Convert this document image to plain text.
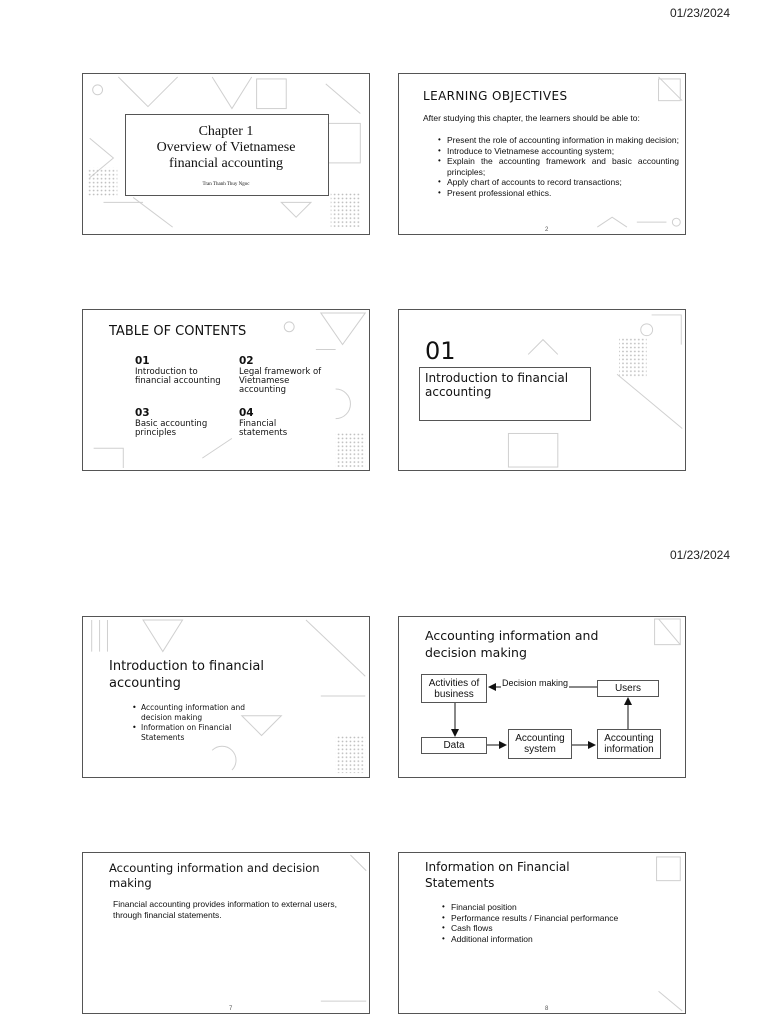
01/23/2024
01/23/2024
Chapter 1
Overview of Vietnamese
financial accounting
Tran Thanh Thuy Ngoc
LEARNING OBJECTIVES
After studying this chapter, the learners should be able to:
• Present the role of accounting information in making decision;
• Introduce to Vietnamese accounting system;
• Explain the accounting framework and basic accounting principles;
• Apply chart of accounts to record transactions;
• Present professional ethics.
2
TABLE OF CONTENTS
01
Introduction to financial accounting
02
Legal framework of Vietnamese accounting
03
Basic accounting principles
04
Financial statements
01
Introduction to financial accounting
Introduction to financial accounting
• Accounting information and decision making
• Information on Financial Statements
Accounting information and decision making
Activities of business	Users
Decision making
Data
Accounting system
Accounting information
Accounting information and decision making
Financial accounting provides information to external users, through financial statements.
7
Information on Financial Statements
• Financial position
• Performance results / Financial performance
• Cash flows
• Additional information
8
